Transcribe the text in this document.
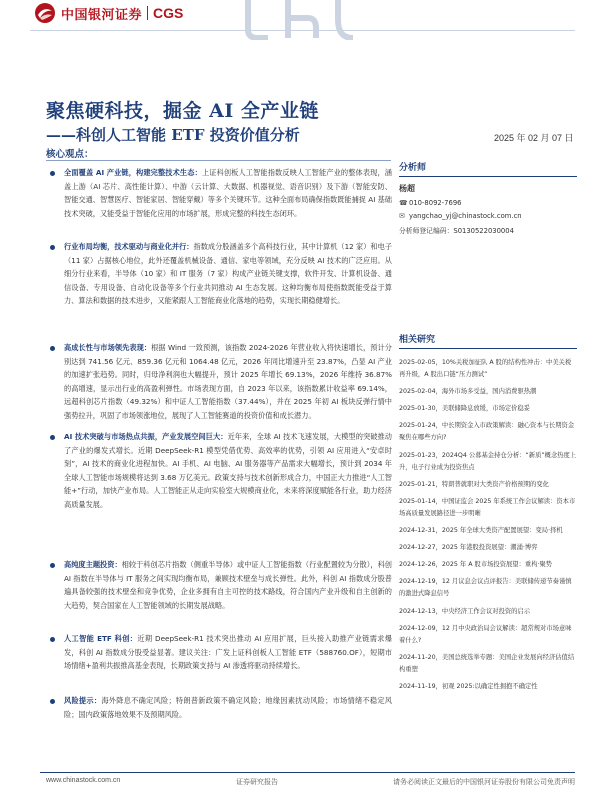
中国银河证券 CGS
聚焦硬科技，掘金 AI 全产业链
——科创人工智能 ETF 投资价值分析	2025 年 02 月 07 日
核心观点：
全面覆盖 AI 产业链，构建完整技术生态：上证科创板人工智能指数反映人工智能产业的整体表现，涵盖上游（AI 芯片、高性能计算）、中游（云计算、大数据、机器视觉、语音识别）及下游（智能安防、智能交通、智慧医疗、智能家居、智能穿戴）等多个关键环节。这种全面布局确保指数既能捕捉 AI 基础技术突破，又能受益于智能化应用的市场扩展，形成完整的科技生态闭环。
行业布局均衡，技术驱动与商业化并行：指数成分股涵盖多个高科技行业，其中计算机（12 家）和电子（11 家）占据核心地位，此外还覆盖机械设备、通信、家电等领域，充分反映 AI 技术的广泛应用。从细分行业来看，半导体（10 家）和 IT 服务（7 家）构成产业链关键支撑，软件开发、计算机设备、通信设备、专用设备、自动化设备等多个行业共同推动 AI 生态发展。这种均衡布局使指数既能受益于算力、算法和数据的技术进步，又能紧跟人工智能商业化落地的趋势，实现长期稳健增长。
高成长性与市场领先表现：根据 Wind 一致预测，该指数 2024-2026 年营业收入将快速增长，预计分别达到 741.56 亿元、859.36 亿元和 1064.48 亿元，2026 年同比增速升至 23.87%，凸显 AI 产业的加速扩张趋势。同时，归母净利润也大幅提升，预计 2025 年增长 69.13%，2026 年维持 36.87% 的高增速，显示出行业的高盈利弹性。市场表现方面，自 2023 年以来，该指数累计收益率 69.14%，远超科创芯片指数（49.32%）和中证人工智能指数（37.44%），并在 2025 年初 AI 板块反弹行情中强势拉升，巩固了市场领涨地位，展现了人工智能赛道的投资价值和成长潜力。
AI 技术突破与市场热点共振，产业发展空间巨大：近年来，全球 AI 技术飞速发展，大模型的突破推动了产业的爆发式增长。近期 DeepSeek-R1 模型凭借优势、高效率的优势，引领 AI 应用进入“安卓时刻”，AI 技术的商业化进程加快。AI 手机、AI 电脑、AI 服务器等产品需求大幅增长，预计到 2034 年全球人工智能市场规模将达到 3.68 万亿美元。政策支持与技术创新形成合力，中国正大力推进“人工智能+”行动，加快产业布局。人工智能正从走向实验室大规模商业化，未来将深度赋能各行业，助力经济高质量发展。
高纯度主题投资：相较于科创芯片指数（侧重半导体）或中证人工智能指数（行业配置较为分散），科创 AI 指数在半导体与 IT 服务之间实现均衡布局，兼顾技术壁垒与成长弹性。此外，科创 AI 指数成分股普遍具备较强的技术壁垒和竞争优势，企业多拥有自主可控的技术路线，符合国内产业升级和自主创新的大趋势，契合国家在人工智能领域的长期发展战略。
人工智能 ETF 科创：近期 DeepSeek-R1 技术突出推动 AI 应用扩展，巨头接入助推产业链需求爆发，科创 AI 指数成分股受益显著。建议关注：广发上证科创板人工智能 ETF（588760.OF），短期市场情绪+盈利共振推高基金表现，长期政策支持与 AI 渗透将驱动持续增长。
风险提示：海外降息不确定风险；特朗普新政策不确定风险；地缘因素扰动风险；市场情绪不稳定风险；国内政策落地效果不及预期风险。
分析师
杨超
☎ 010-8092-7696
✉ yangchao_yj@chinastock.com.cn
分析师登记编码：S0130522030004
相关研究
2025-02-05，10%关税加征队 A 股的结构性冲击：中美关税再升级，A 股出口链“压力测试”
2025-02-04，海外市场多受益，国内消费驱热潮
2025-01-30，美联储降息放缓，市场定价稳妥
2025-01-24，中长期资金入市政策解读：融心资本与长期资金聚焦在哪些方向?
2025-01-23，2024Q4 公募基金持仓分析：“新质”概念热度上升，电子行业成为投资焦点
2025-01-21，特朗普就职对大类资产价格预期的变化
2025-01-14，中国证监会 2025 年系统工作会议解读：资本市场高质量发展路径进一步明晰
2024-12-31，2025 年全球大类资产配置展望：变局·择机
2024-12-27，2025 年港股投资展望：潮涌·博弈
2024-12-26，2025 年 A 股市场投资展望：重构·聚势
2024-12-19，12 月议息会议点评报告：美联储传递节奏谨慎的激进式降息信号
2024-12-13，中央经济工作会议对投资的启示
2024-12-09，12 月中央政治局会议解读：超常规对市场意味着什么?
2024-11-20，美国总统选举专题：美国企业发展向经济估值结构重塑
2024-11-19，初观 2025:以确定性拥抱不确定性
www.chinastock.com.cn	证券研究报告	请务必阅读正文最后的中国银河证券股份有限公司免责声明
